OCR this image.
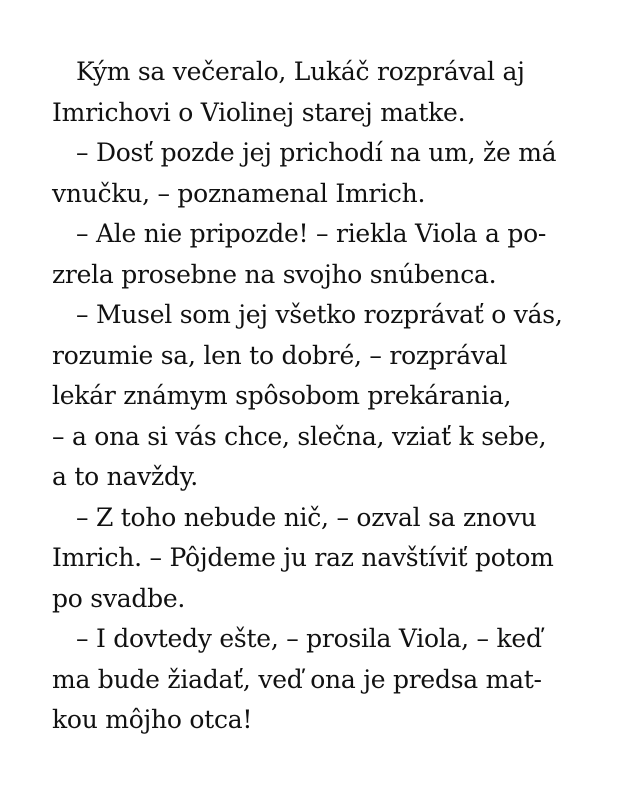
Kým sa večeralo, Lukáč rozprával aj
Imrichovi o Violinej starej matke.
– Dosť pozde jej prichodí na um, že má
vnučku, – poznamenal Imrich.
– Ale nie pripozde! – riekla Viola a po-
zrela prosebne na svojho snúbenca.
– Musel som jej všetko rozprávať o vás,
rozumie sa, len to dobré, – rozprával
lekár známym spôsobom prekárania,
– a ona si vás chce, slečna, vziať k sebe,
a to navždy.
– Z toho nebude nič, – ozval sa znovu
Imrich. – Pôjdeme ju raz navštíviť potom
po svadbe.
– I dovtedy ešte, – prosila Viola, – keď
ma bude žiadať, veď ona je predsa mat-
kou môjho otca!
